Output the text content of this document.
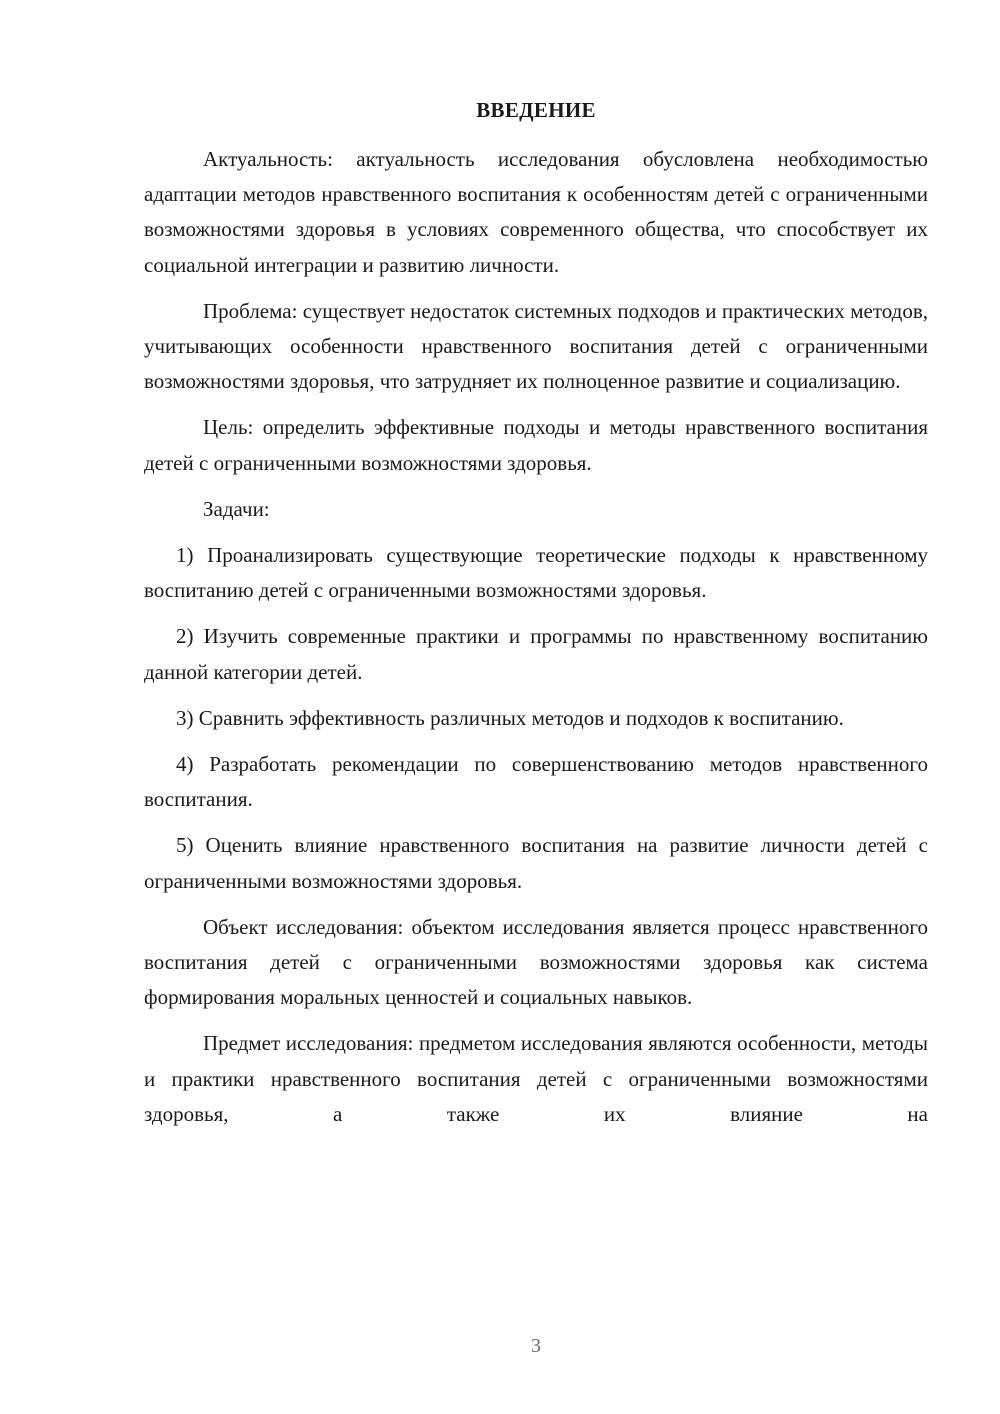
ВВЕДЕНИЕ

Актуальность: актуальность исследования обусловлена необходимостью адаптации методов нравственного воспитания к особенностям детей с ограниченными возможностями здоровья в условиях современного общества, что способствует их социальной интеграции и развитию личности.

Проблема: существует недостаток системных подходов и практических методов, учитывающих особенности нравственного воспитания детей с ограниченными возможностями здоровья, что затрудняет их полноценное развитие и социализацию.

Цель: определить эффективные подходы и методы нравственного воспитания детей с ограниченными возможностями здоровья.

Задачи:

1) Проанализировать существующие теоретические подходы к нравственному воспитанию детей с ограниченными возможностями здоровья.

2) Изучить современные практики и программы по нравственному воспитанию данной категории детей.

3) Сравнить эффективность различных методов и подходов к воспитанию.

4) Разработать рекомендации по совершенствованию методов нравственного воспитания.

5) Оценить влияние нравственного воспитания на развитие личности детей с ограниченными возможностями здоровья.

Объект исследования: объектом исследования является процесс нравственного воспитания детей с ограниченными возможностями здоровья как система формирования моральных ценностей и социальных навыков.

Предмет исследования: предметом исследования являются особенности, методы и практики нравственного воспитания детей с ограниченными возможностями здоровья, а также их влияние на

3
